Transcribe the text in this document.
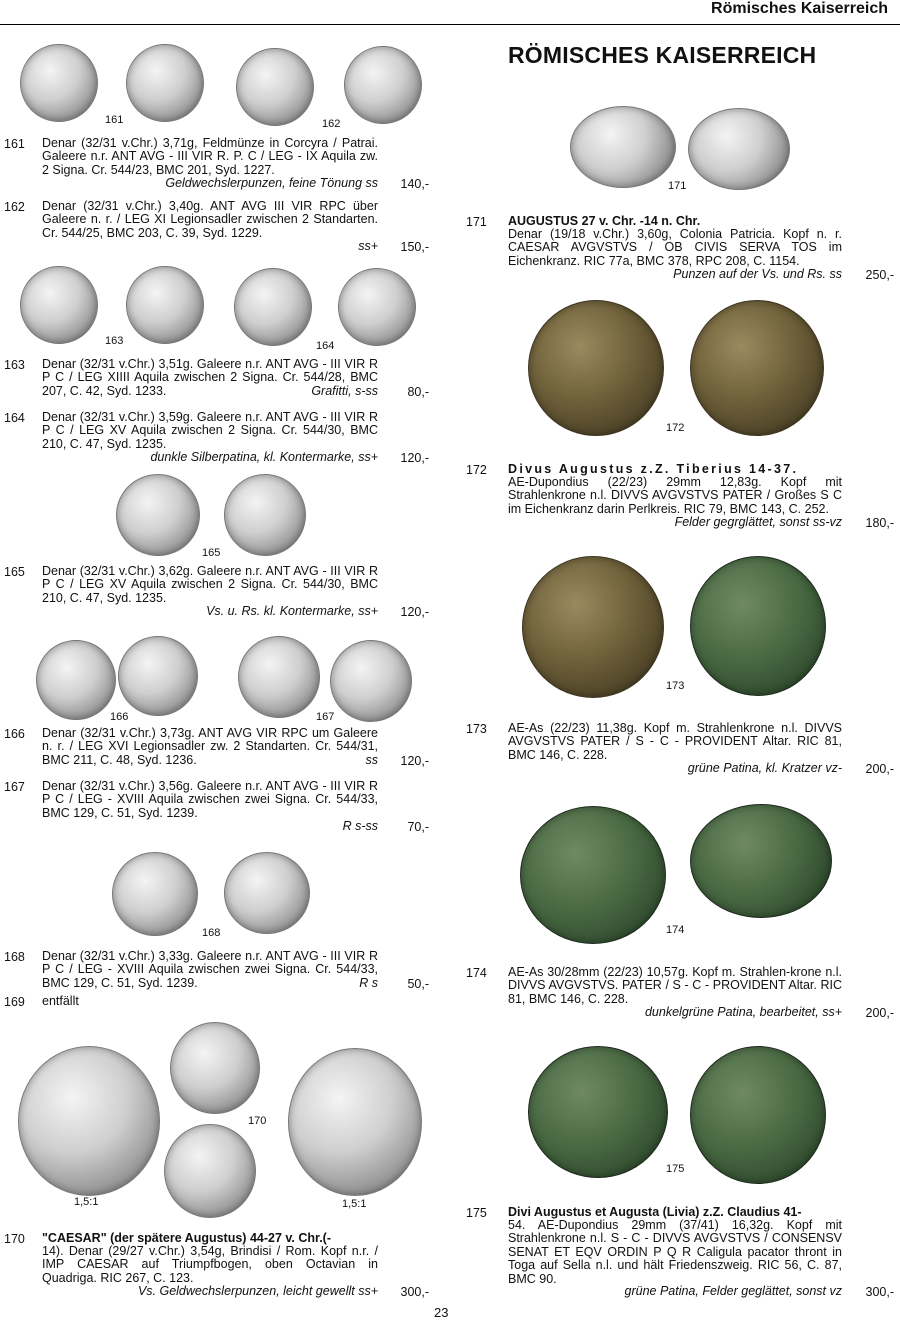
Römisches Kaiserreich
RÖMISCHES KAISERREICH
161	162
161 Denar (32/31 v.Chr.) 3,71g, Feldmünze in Corcyra / Patrai. Galeere n.r. ANT AVG - III VIR R. P. C / LEG - IX Aquila zw. 2 Signa. Cr. 544/23, BMC 201, Syd. 1227.
Geldwechslerpunzen, feine Tönung ss	140,-
162 Denar (32/31 v.Chr.) 3,40g. ANT AVG III VIR RPC über Galeere n. r. / LEG XI Legionsadler zwischen 2 Standarten. Cr. 544/25, BMC 203, C. 39, Syd. 1229.
ss+	150,-
163	164
163 Denar (32/31 v.Chr.) 3,51g. Galeere n.r. ANT AVG - III VIR R P C / LEG XIIII Aquila zwischen 2 Signa. Cr. 544/28, BMC 207, C. 42, Syd. 1233.	Grafitti, s-ss	80,-
164 Denar (32/31 v.Chr.) 3,59g. Galeere n.r. ANT AVG - III VIR R P C / LEG XV Aquila zwischen 2 Signa. Cr. 544/30, BMC 210, C. 47, Syd. 1235.
dunkle Silberpatina, kl. Kontermarke, ss+	120,-
165
165 Denar (32/31 v.Chr.) 3,62g. Galeere n.r. ANT AVG - III VIR R P C / LEG XV Aquila zwischen 2 Signa. Cr. 544/30, BMC 210, C. 47, Syd. 1235.
Vs. u. Rs. kl. Kontermarke, ss+	120,-
166	167
166 Denar (32/31 v.Chr.) 3,73g. ANT AVG VIR RPC um Galeere n. r. / LEG XVI Legionsadler zw. 2 Standarten. Cr. 544/31, BMC 211, C. 48, Syd. 1236.	ss	120,-
167 Denar (32/31 v.Chr.) 3,56g. Galeere n.r. ANT AVG - III VIR R P C / LEG - XVIII Aquila zwischen zwei Signa. Cr. 544/33, BMC 129, C. 51, Syd. 1239.
R s-ss	70,-
168
168 Denar (32/31 v.Chr.) 3,33g. Galeere n.r. ANT AVG - III VIR R P C / LEG - XVIII Aquila zwischen zwei Signa. Cr. 544/33, BMC 129, C. 51, Syd. 1239.	R s	50,-
169 entfällt
170
1,5:1	1,5:1
170 "CAESAR" (der spätere Augustus) 44-27 v. Chr.(-
14). Denar (29/27 v.Chr.) 3,54g, Brindisi / Rom. Kopf n.r. / IMP CAESAR auf Triumpfbogen, oben Octavian in Quadriga. RIC 267, C. 123.
Vs. Geldwechslerpunzen, leicht gewellt ss+	300,-
171
171 AUGUSTUS 27 v. Chr. -14 n. Chr.
Denar (19/18 v.Chr.) 3,60g, Colonia Patricia. Kopf n. r. CAESAR AVGVSTVS / OB CIVIS SERVA TOS im Eichenkranz. RIC 77a, BMC 378, RPC 208, C. 1154.
Punzen auf der Vs. und Rs. ss	250,-
172
172 Divus Augustus z.Z. Tiberius 14-37.
AE-Dupondius (22/23) 29mm 12,83g. Kopf mit Strahlenkrone n.l. DIVVS AVGVSTVS PATER / Großes S C im Eichenkranz darin Perlkreis. RIC 79, BMC 143, C. 252.
Felder gegrglättet, sonst ss-vz	180,-
173
173 AE-As (22/23) 11,38g. Kopf m. Strahlenkrone n.l. DIVVS AVGVSTVS PATER / S - C - PROVIDENT Altar. RIC 81, BMC 146, C. 228.
grüne Patina, kl. Kratzer vz-	200,-
174
174 AE-As 30/28mm (22/23) 10,57g. Kopf m. Strahlen-krone n.l. DIVVS AVGVSTVS. PATER / S - C - PROVIDENT Altar. RIC 81, BMC 146, C. 228.
dunkelgrüne Patina, bearbeitet, ss+	200,-
175
175 Divi Augustus et Augusta (Livia) z.Z. Claudius 41-
54. AE-Dupondius 29mm (37/41) 16,32g. Kopf mit Strahlenkrone n.l. S - C - DIVVS AVGVSTVS / CONSENSV SENAT ET EQV ORDIN P Q R Caligula pacator thront in Toga auf Sella n.l. und hält Friedenszweig. RIC 56, C. 87, BMC 90.
grüne Patina, Felder geglättet, sonst vz	300,-
23
